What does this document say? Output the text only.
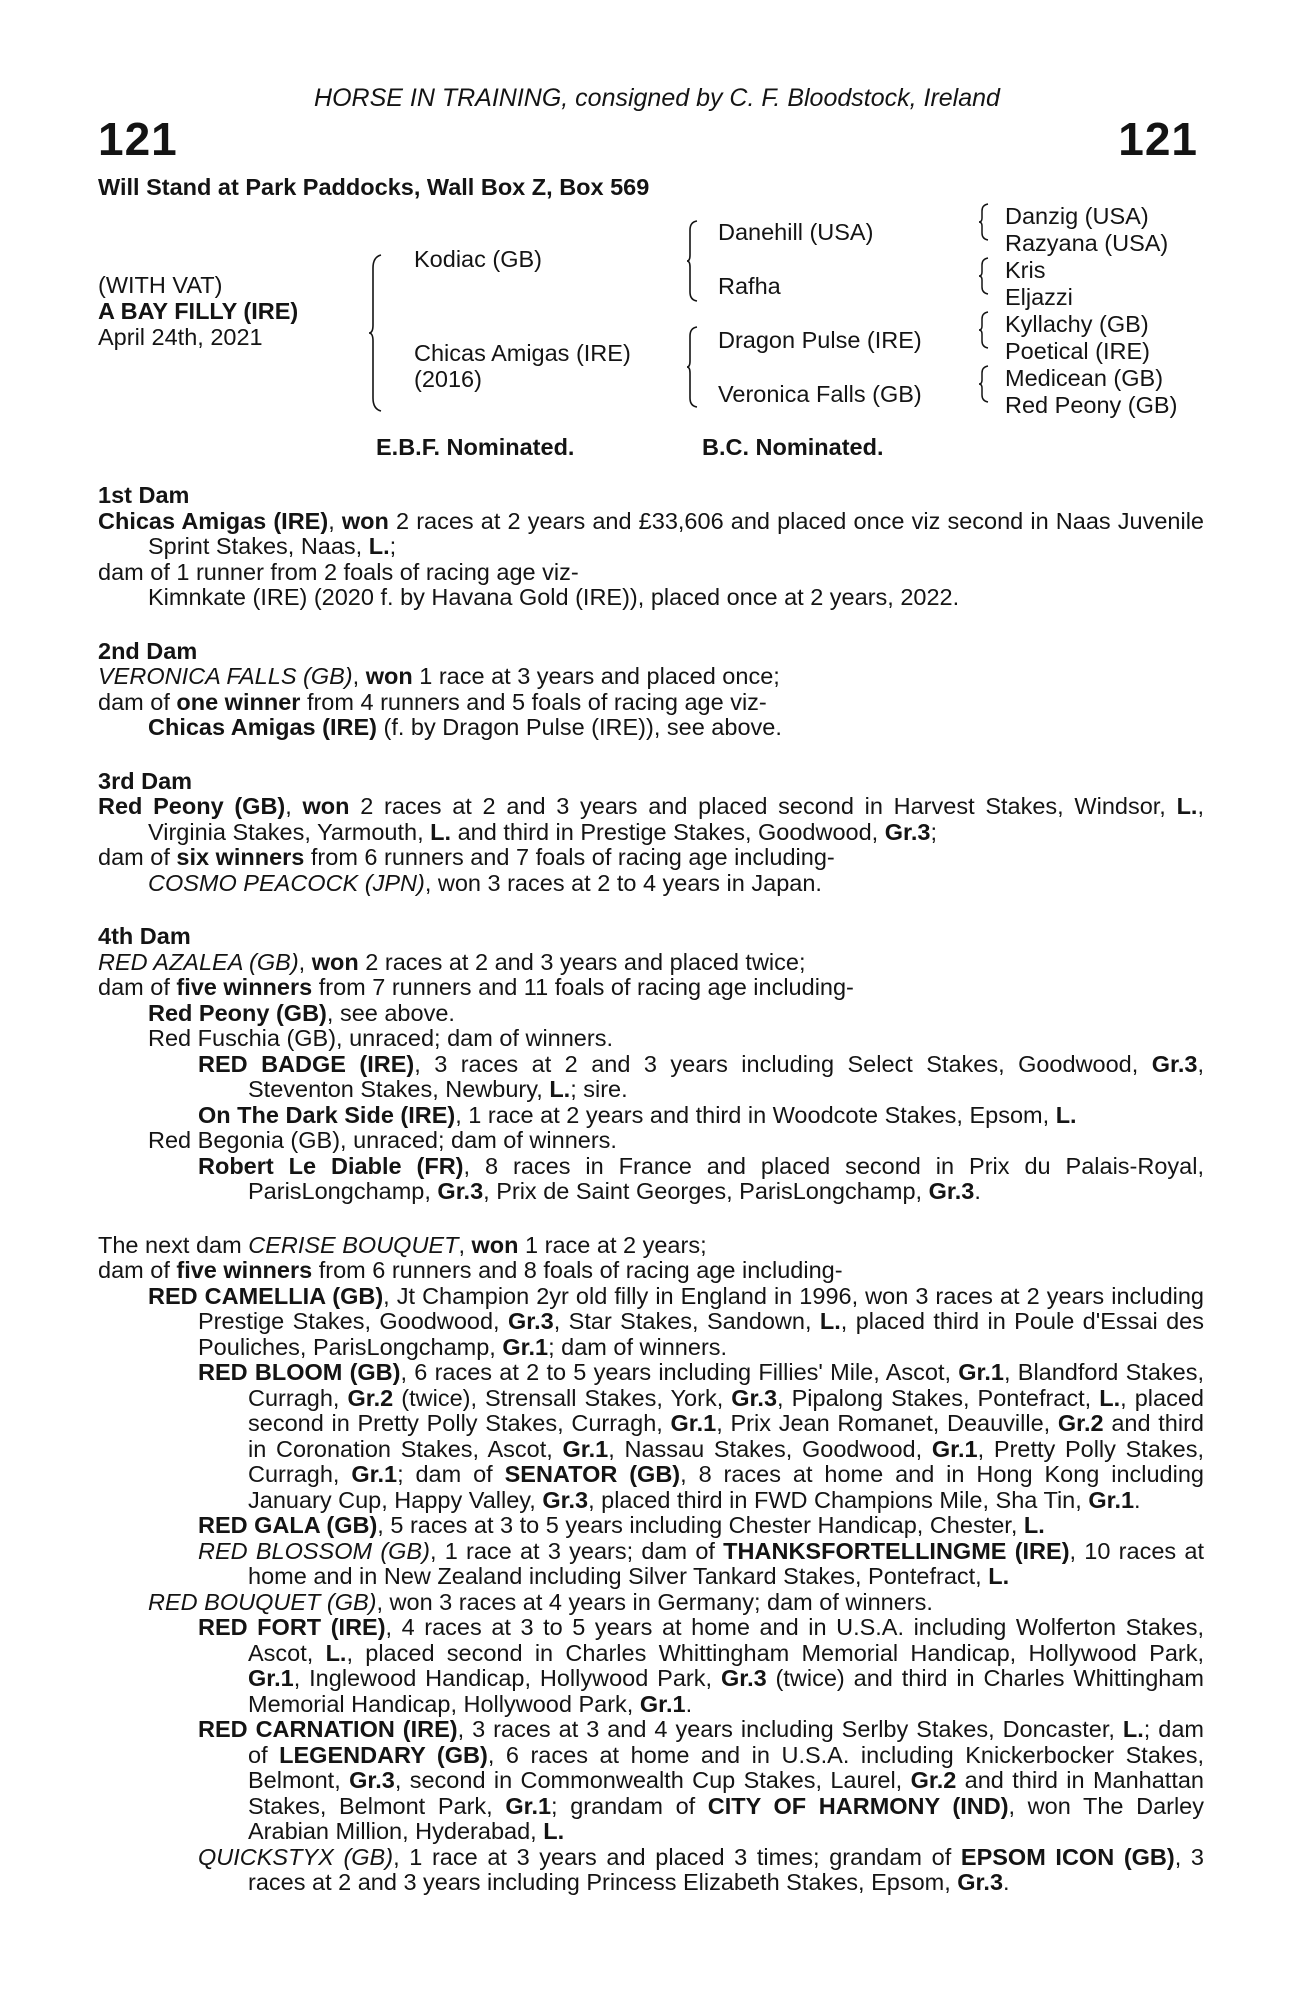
HORSE IN TRAINING, consigned by C. F. Bloodstock, Ireland
121	121
Will Stand at Park Paddocks, Wall Box Z, Box 569
(WITH VAT)
A BAY FILLY (IRE)
April 24th, 2021
Kodiac (GB)
Chicas Amigas (IRE)
(2016)
Danehill (USA)
Rafha
Dragon Pulse (IRE)
Veronica Falls (GB)
Danzig (USA)
Razyana (USA)
Kris
Eljazzi
Kyllachy (GB)
Poetical (IRE)
Medicean (GB)
Red Peony (GB)
E.B.F. Nominated.	B.C. Nominated.
1st Dam
Chicas Amigas (IRE), won 2 races at 2 years and £33,606 and placed once viz second in Naas Juvenile Sprint Stakes, Naas, L.;
dam of 1 runner from 2 foals of racing age viz-
Kimnkate (IRE) (2020 f. by Havana Gold (IRE)), placed once at 2 years, 2022.
2nd Dam
VERONICA FALLS (GB), won 1 race at 3 years and placed once;
dam of one winner from 4 runners and 5 foals of racing age viz-
Chicas Amigas (IRE) (f. by Dragon Pulse (IRE)), see above.
3rd Dam
Red Peony (GB), won 2 races at 2 and 3 years and placed second in Harvest Stakes, Windsor, L., Virginia Stakes, Yarmouth, L. and third in Prestige Stakes, Goodwood, Gr.3;
dam of six winners from 6 runners and 7 foals of racing age including-
COSMO PEACOCK (JPN), won 3 races at 2 to 4 years in Japan.
4th Dam
RED AZALEA (GB), won 2 races at 2 and 3 years and placed twice;
dam of five winners from 7 runners and 11 foals of racing age including-
Red Peony (GB), see above.
Red Fuschia (GB), unraced; dam of winners.
RED BADGE (IRE), 3 races at 2 and 3 years including Select Stakes, Goodwood, Gr.3, Steventon Stakes, Newbury, L.; sire.
On The Dark Side (IRE), 1 race at 2 years and third in Woodcote Stakes, Epsom, L.
Red Begonia (GB), unraced; dam of winners.
Robert Le Diable (FR), 8 races in France and placed second in Prix du Palais-Royal, ParisLongchamp, Gr.3, Prix de Saint Georges, ParisLongchamp, Gr.3.
The next dam CERISE BOUQUET, won 1 race at 2 years;
dam of five winners from 6 runners and 8 foals of racing age including-
RED CAMELLIA (GB), Jt Champion 2yr old filly in England in 1996, won 3 races at 2 years including Prestige Stakes, Goodwood, Gr.3, Star Stakes, Sandown, L., placed third in Poule d'Essai des Pouliches, ParisLongchamp, Gr.1; dam of winners.
RED BLOOM (GB), 6 races at 2 to 5 years including Fillies' Mile, Ascot, Gr.1, Blandford Stakes, Curragh, Gr.2 (twice), Strensall Stakes, York, Gr.3, Pipalong Stakes, Pontefract, L., placed second in Pretty Polly Stakes, Curragh, Gr.1, Prix Jean Romanet, Deauville, Gr.2 and third in Coronation Stakes, Ascot, Gr.1, Nassau Stakes, Goodwood, Gr.1, Pretty Polly Stakes, Curragh, Gr.1; dam of SENATOR (GB), 8 races at home and in Hong Kong including January Cup, Happy Valley, Gr.3, placed third in FWD Champions Mile, Sha Tin, Gr.1.
RED GALA (GB), 5 races at 3 to 5 years including Chester Handicap, Chester, L.
RED BLOSSOM (GB), 1 race at 3 years; dam of THANKSFORTELLINGME (IRE), 10 races at home and in New Zealand including Silver Tankard Stakes, Pontefract, L.
RED BOUQUET (GB), won 3 races at 4 years in Germany; dam of winners.
RED FORT (IRE), 4 races at 3 to 5 years at home and in U.S.A. including Wolferton Stakes, Ascot, L., placed second in Charles Whittingham Memorial Handicap, Hollywood Park, Gr.1, Inglewood Handicap, Hollywood Park, Gr.3 (twice) and third in Charles Whittingham Memorial Handicap, Hollywood Park, Gr.1.
RED CARNATION (IRE), 3 races at 3 and 4 years including Serlby Stakes, Doncaster, L.; dam of LEGENDARY (GB), 6 races at home and in U.S.A. including Knickerbocker Stakes, Belmont, Gr.3, second in Commonwealth Cup Stakes, Laurel, Gr.2 and third in Manhattan Stakes, Belmont Park, Gr.1; grandam of CITY OF HARMONY (IND), won The Darley Arabian Million, Hyderabad, L.
QUICKSTYX (GB), 1 race at 3 years and placed 3 times; grandam of EPSOM ICON (GB), 3 races at 2 and 3 years including Princess Elizabeth Stakes, Epsom, Gr.3.
